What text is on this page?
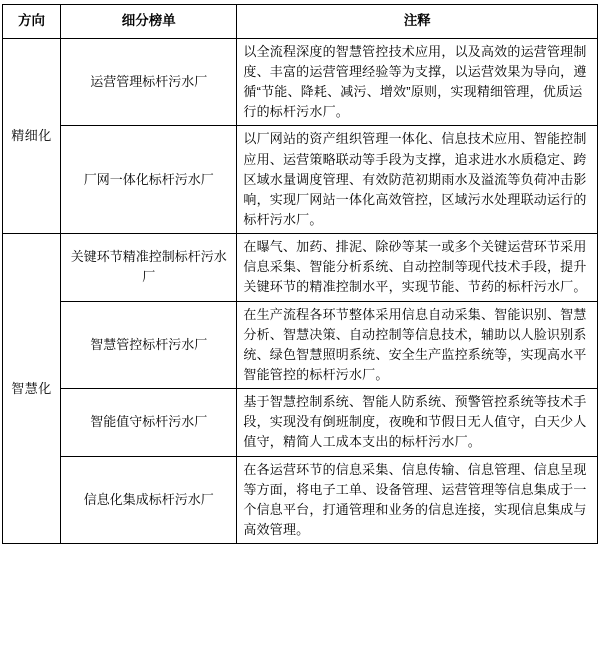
方向	细分榜单	注释
精细化	运营管理标杆污水厂	以全流程深度的智慧管控技术应用，以及高效的运营管理制度、丰富的运营管理经验等为支撑，以运营效果为导向，遵循“节能、降耗、减污、增效”原则，实现精细管理，优质运行的标杆污水厂。
	厂网一体化标杆污水厂	以厂网站的资产组织管理一体化、信息技术应用、智能控制应用、运营策略联动等手段为支撑，追求进水水质稳定、跨区域水量调度管理、有效防范初期雨水及溢流等负荷冲击影响，实现厂网站一体化高效管控，区域污水处理联动运行的标杆污水厂。
智慧化	关键环节精准控制标杆污水厂	在曝气、加药、排泥、除砂等某一或多个关键运营环节采用信息采集、智能分析系统、自动控制等现代技术手段，提升关键环节的精准控制水平，实现节能、节药的标杆污水厂。
	智慧管控标杆污水厂	在生产流程各环节整体采用信息自动采集、智能识别、智慧分析、智慧决策、自动控制等信息技术，辅助以人脸识别系统、绿色智慧照明系统、安全生产监控系统等，实现高水平智能管控的标杆污水厂。
	智能值守标杆污水厂	基于智慧控制系统、智能人防系统、预警管控系统等技术手段，实现没有倒班制度，夜晚和节假日无人值守，白天少人值守，精简人工成本支出的标杆污水厂。
	信息化集成标杆污水厂	在各运营环节的信息采集、信息传输、信息管理、信息呈现等方面，将电子工单、设备管理、运营管理等信息集成于一个信息平台，打通管理和业务的信息连接，实现信息集成与高效管理。
